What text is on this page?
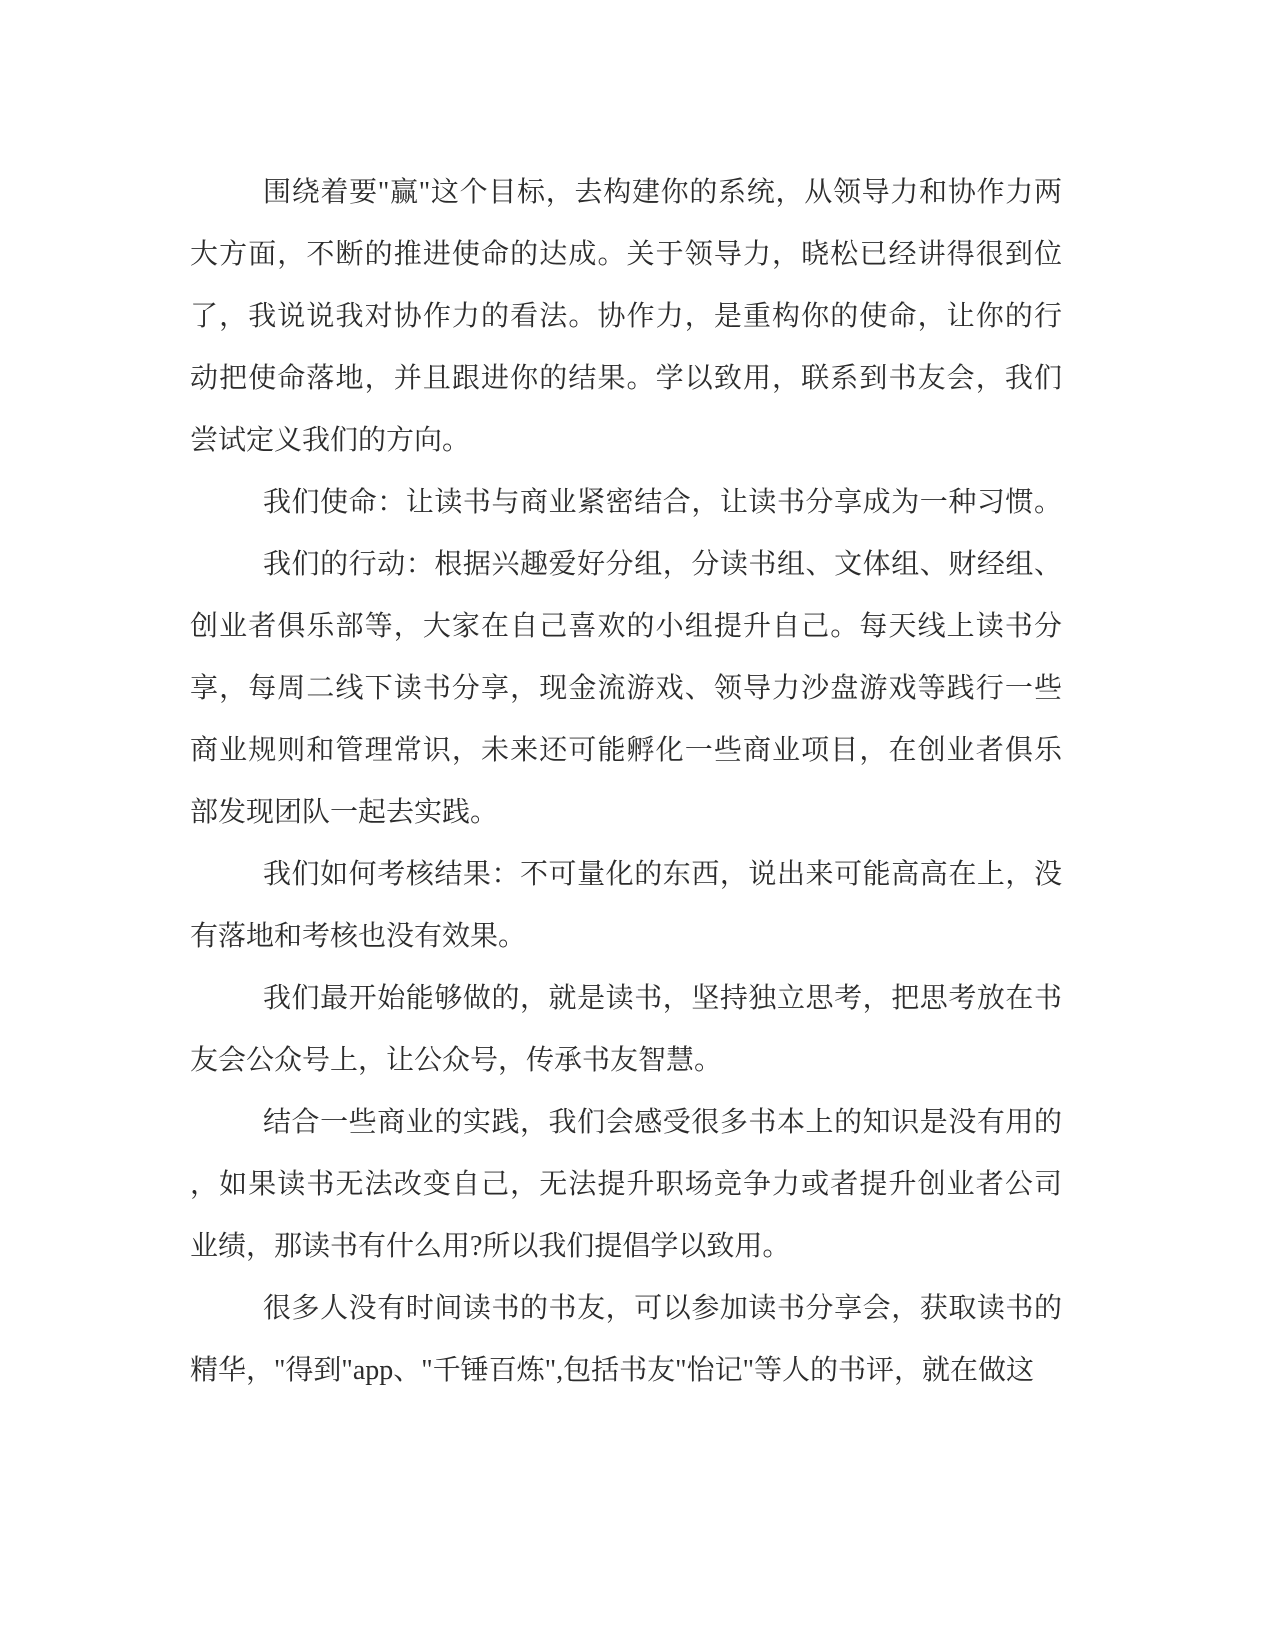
围绕着要"赢"这个目标，去构建你的系统，从领导力和协作力两
大方面，不断的推进使命的达成。关于领导力，晓松已经讲得很到位
了，我说说我对协作力的看法。协作力，是重构你的使命，让你的行
动把使命落地，并且跟进你的结果。学以致用，联系到书友会，我们
尝试定义我们的方向。
我们使命：让读书与商业紧密结合，让读书分享成为一种习惯。
我们的行动：根据兴趣爱好分组，分读书组、文体组、财经组、
创业者俱乐部等，大家在自己喜欢的小组提升自己。每天线上读书分
享，每周二线下读书分享，现金流游戏、领导力沙盘游戏等践行一些
商业规则和管理常识，未来还可能孵化一些商业项目，在创业者俱乐
部发现团队一起去实践。
我们如何考核结果：不可量化的东西，说出来可能高高在上，没
有落地和考核也没有效果。
我们最开始能够做的，就是读书，坚持独立思考，把思考放在书
友会公众号上，让公众号，传承书友智慧。
结合一些商业的实践，我们会感受很多书本上的知识是没有用的
，如果读书无法改变自己，无法提升职场竞争力或者提升创业者公司
业绩，那读书有什么用?所以我们提倡学以致用。
很多人没有时间读书的书友，可以参加读书分享会，获取读书的
精华，"得到"app、"千锤百炼",包括书友"怡记"等人的书评，就在做这
